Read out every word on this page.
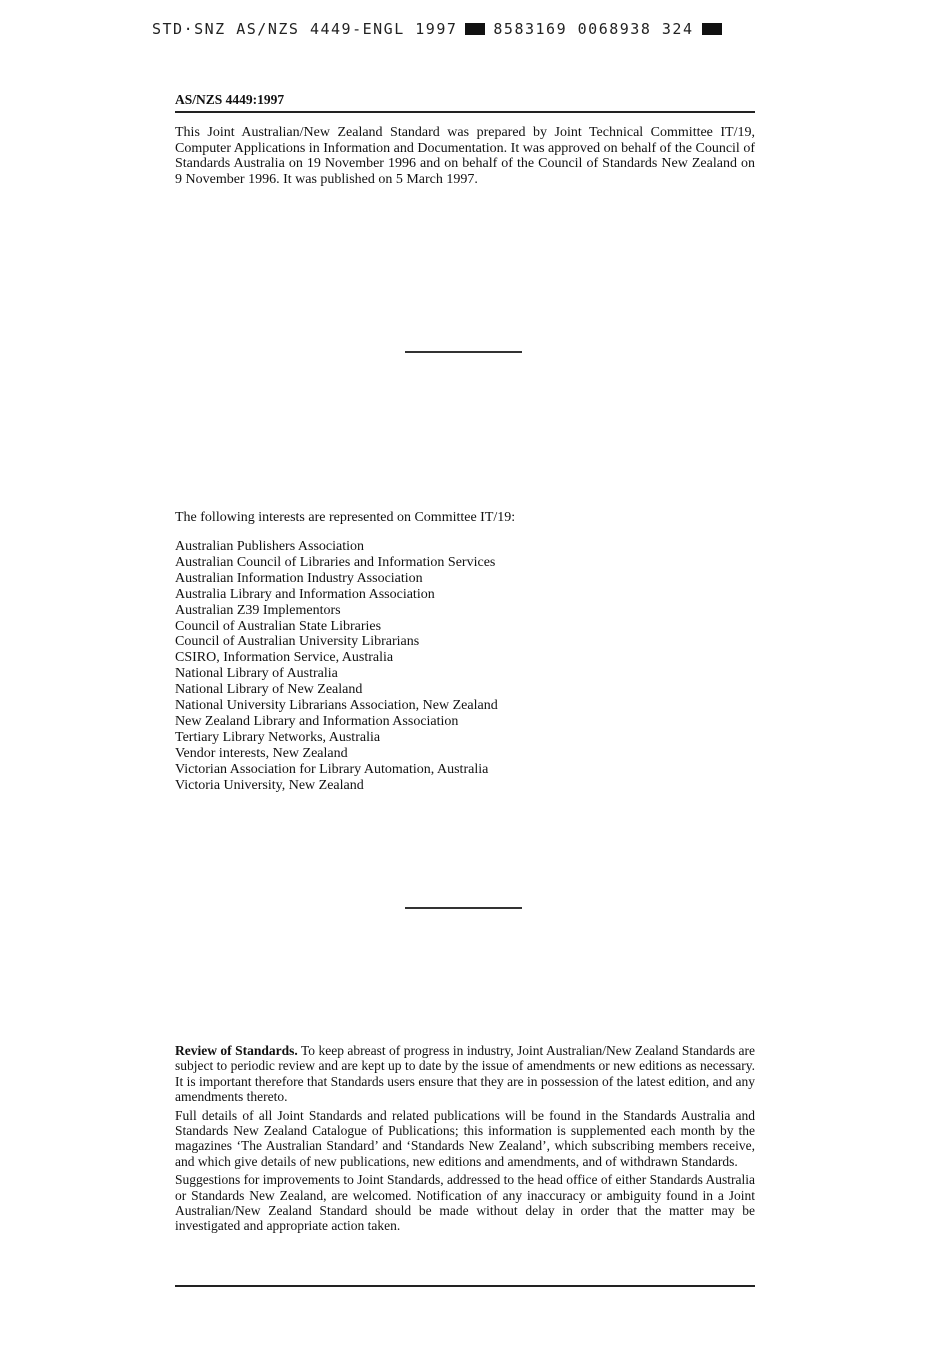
STD·SNZ AS/NZS 4449-ENGL 1997 8583169 0068938 324
AS/NZS 4449:1997
This Joint Australian/New Zealand Standard was prepared by Joint Technical Committee IT/19, Computer Applications in Information and Documentation. It was approved on behalf of the Council of Standards Australia on 19 November 1996 and on behalf of the Council of Standards New Zealand on 9 November 1996. It was published on 5 March 1997.
The following interests are represented on Committee IT/19:
Australian Publishers Association
Australian Council of Libraries and Information Services
Australian Information Industry Association
Australia Library and Information Association
Australian Z39 Implementors
Council of Australian State Libraries
Council of Australian University Librarians
CSIRO, Information Service, Australia
National Library of Australia
National Library of New Zealand
National University Librarians Association, New Zealand
New Zealand Library and Information Association
Tertiary Library Networks, Australia
Vendor interests, New Zealand
Victorian Association for Library Automation, Australia
Victoria University, New Zealand

Review of Standards. To keep abreast of progress in industry, Joint Australian/New Zealand Standards are subject to periodic review and are kept up to date by the issue of amendments or new editions as necessary. It is important therefore that Standards users ensure that they are in possession of the latest edition, and any amendments thereto.

Full details of all Joint Standards and related publications will be found in the Standards Australia and Standards New Zealand Catalogue of Publications; this information is supplemented each month by the magazines ‘The Australian Standard’ and ‘Standards New Zealand’, which subscribing members receive, and which give details of new publications, new editions and amendments, and of withdrawn Standards.

Suggestions for improvements to Joint Standards, addressed to the head office of either Standards Australia or Standards New Zealand, are welcomed. Notification of any inaccuracy or ambiguity found in a Joint Australian/New Zealand Standard should be made without delay in order that the matter may be investigated and appropriate action taken.
